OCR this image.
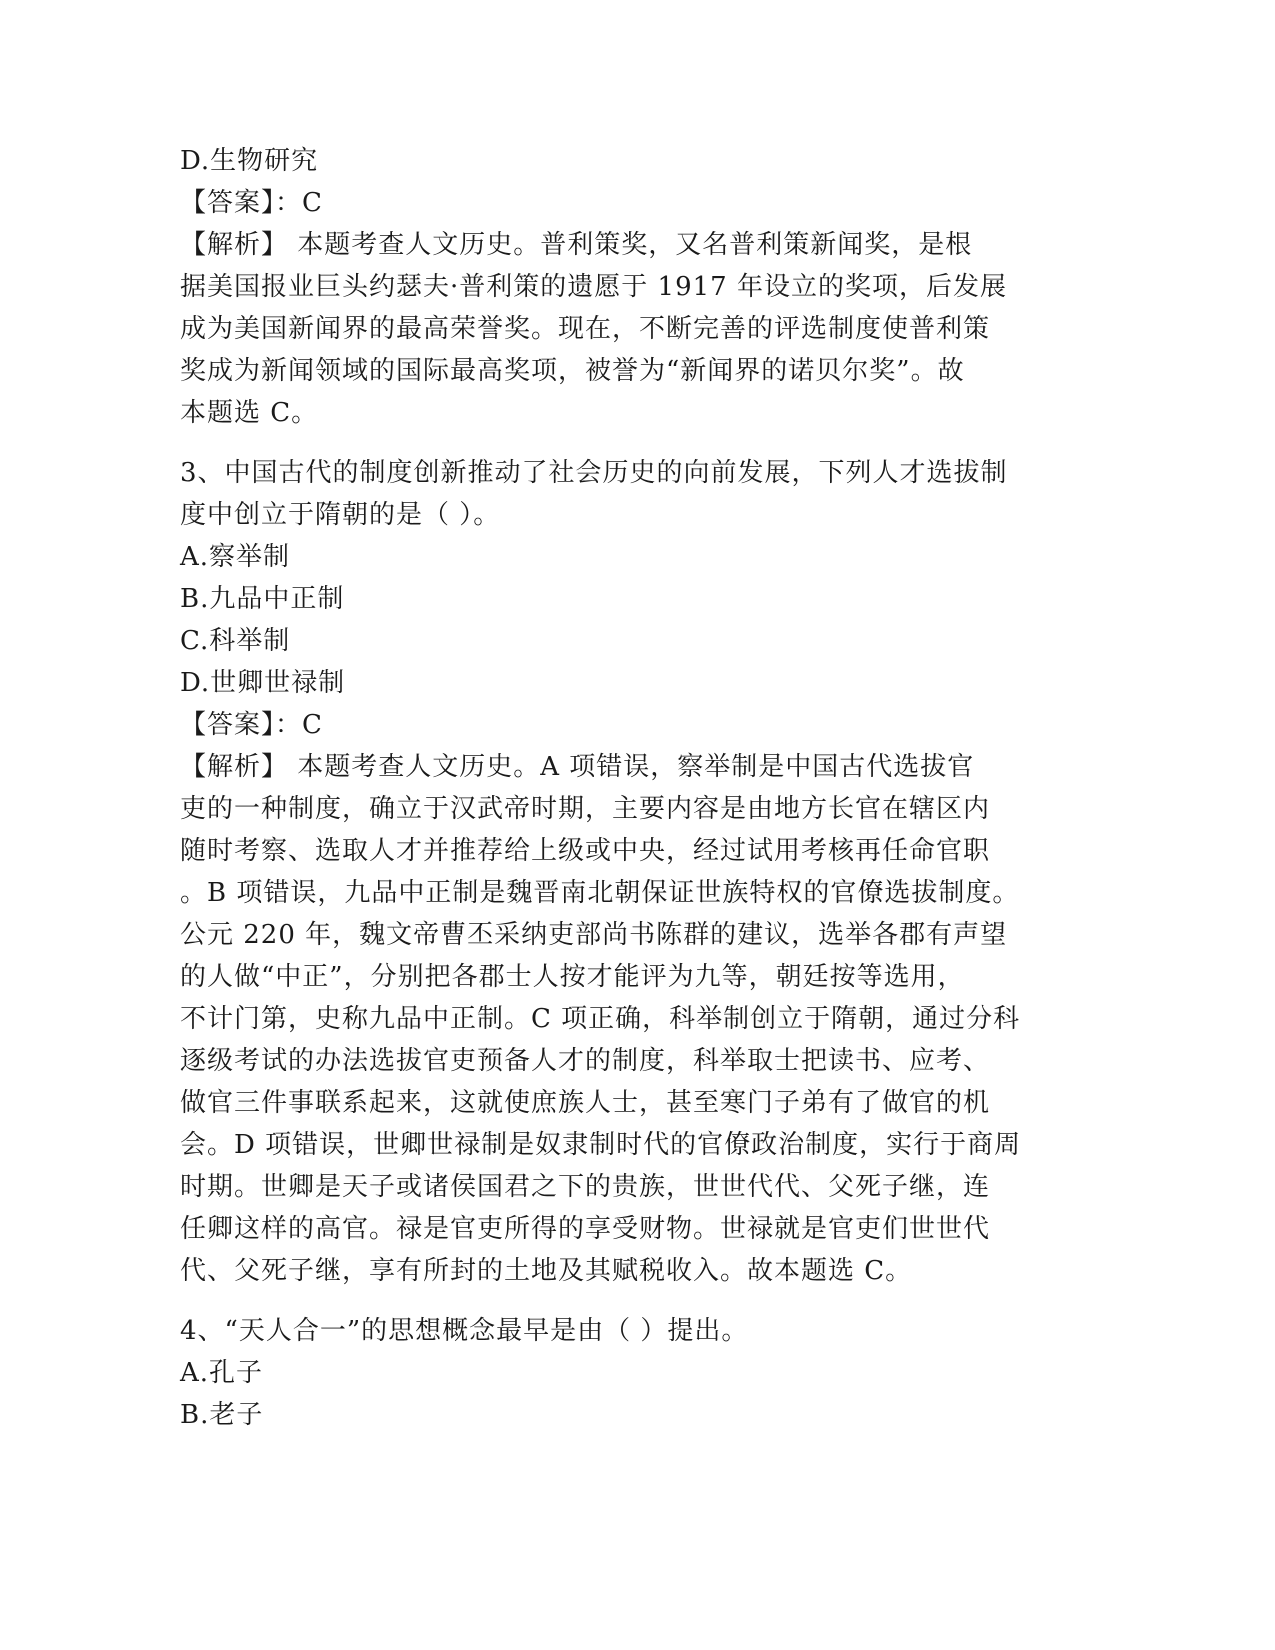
D.生物研究
【答案】：C
【解析】 本题考查人文历史。普利策奖，又名普利策新闻奖，是根
据美国报业巨头约瑟夫·普利策的遗愿于 1917 年设立的奖项，后发展
成为美国新闻界的最高荣誉奖。现在，不断完善的评选制度使普利策
奖成为新闻领域的国际最高奖项，被誉为“新闻界的诺贝尔奖”。故
本题选 C。
3、中国古代的制度创新推动了社会历史的向前发展，下列人才选拔制
度中创立于隋朝的是（ ）。
A.察举制
B.九品中正制
C.科举制
D.世卿世禄制
【答案】：C
【解析】 本题考查人文历史。A 项错误，察举制是中国古代选拔官
吏的一种制度，确立于汉武帝时期，主要内容是由地方长官在辖区内
随时考察、选取人才并推荐给上级或中央，经过试用考核再任命官职
。B 项错误，九品中正制是魏晋南北朝保证世族特权的官僚选拔制度。
公元 220 年，魏文帝曹丕采纳吏部尚书陈群的建议，选举各郡有声望
的人做“中正”，分别把各郡士人按才能评为九等，朝廷按等选用，
不计门第，史称九品中正制。C 项正确，科举制创立于隋朝，通过分科
逐级考试的办法选拔官吏预备人才的制度，科举取士把读书、应考、
做官三件事联系起来，这就使庶族人士，甚至寒门子弟有了做官的机
会。D 项错误，世卿世禄制是奴隶制时代的官僚政治制度，实行于商周
时期。世卿是天子或诸侯国君之下的贵族，世世代代、父死子继，连
任卿这样的高官。禄是官吏所得的享受财物。世禄就是官吏们世世代
代、父死子继，享有所封的土地及其赋税收入。故本题选 C。
4、“天人合一”的思想概念最早是由（ ）提出。
A.孔子
B.老子
